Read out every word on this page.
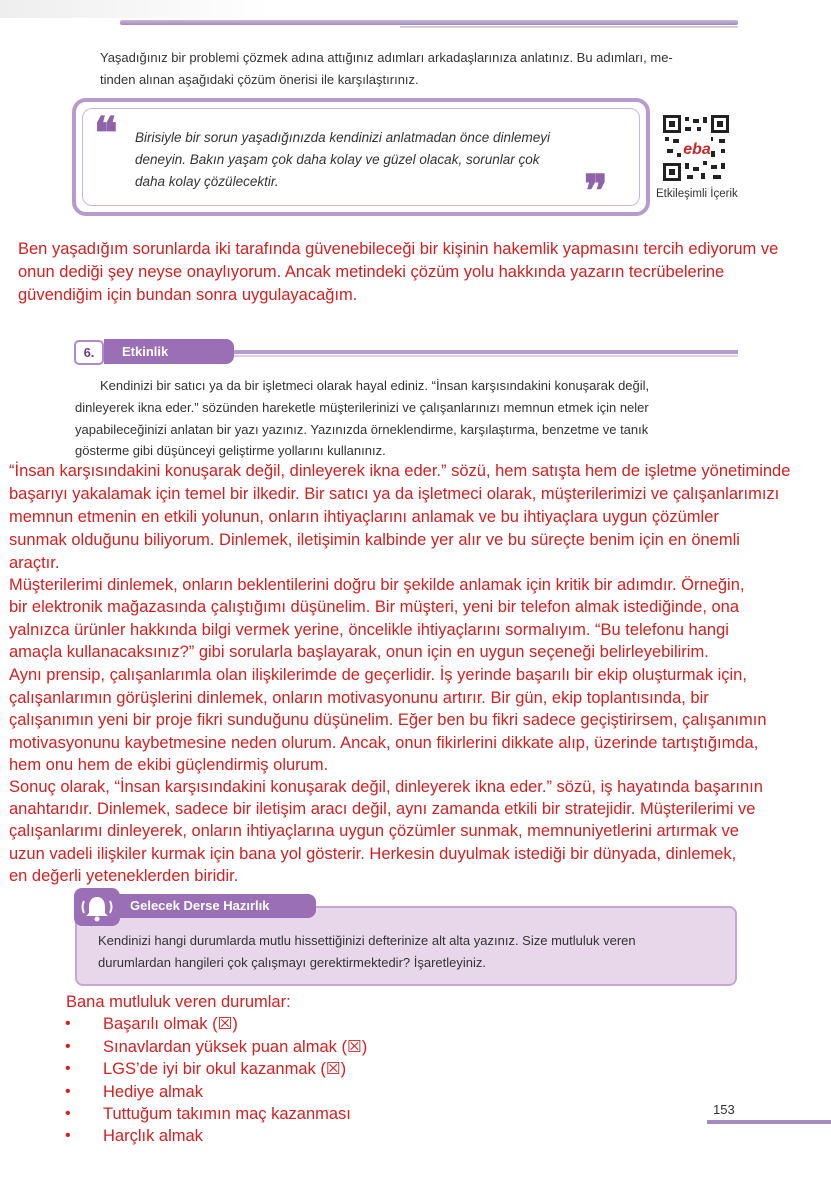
Yaşadığınız bir problemi çözmek adına attığınız adımları arkadaşlarınıza anlatınız. Bu adımları, me-
tinden alınan aşağıdaki çözüm önerisi ile karşılaştırınız.
❝
❞
Birisiyle bir sorun yaşadığınızda kendinizi anlatmadan önce dinlemeyi
deneyin. Bakın yaşam çok daha kolay ve güzel olacak, sorunlar çok
daha kolay çözülecektir.
eba
Etkileşimli İçerik
Ben yaşadığım sorunlarda iki tarafında güvenebileceği bir kişinin hakemlik yapmasını tercih ediyorum ve
onun dediği şey neyse onaylıyorum. Ancak metindeki çözüm yolu hakkında yazarın tecrübelerine
güvendiğim için bundan sonra uygulayacağım.
Etkinlik
6.
Kendinizi bir satıcı ya da bir işletmeci olarak hayal ediniz. “İnsan karşısındakini konuşarak değil,
dinleyerek ikna eder.” sözünden hareketle müşterilerinizi ve çalışanlarınızı memnun etmek için neler
yapabileceğinizi anlatan bir yazı yazınız. Yazınızda örneklendirme, karşılaştırma, benzetme ve tanık
gösterme gibi düşünceyi geliştirme yollarını kullanınız.
“İnsan karşısındakini konuşarak değil, dinleyerek ikna eder.” sözü, hem satışta hem de işletme yönetiminde
başarıyı yakalamak için temel bir ilkedir. Bir satıcı ya da işletmeci olarak, müşterilerimizi ve çalışanlarımızı
memnun etmenin en etkili yolunun, onların ihtiyaçlarını anlamak ve bu ihtiyaçlara uygun çözümler
sunmak olduğunu biliyorum. Dinlemek, iletişimin kalbinde yer alır ve bu süreçte benim için en önemli
araçtır.
Müşterilerimi dinlemek, onların beklentilerini doğru bir şekilde anlamak için kritik bir adımdır. Örneğin,
bir elektronik mağazasında çalıştığımı düşünelim. Bir müşteri, yeni bir telefon almak istediğinde, ona
yalnızca ürünler hakkında bilgi vermek yerine, öncelikle ihtiyaçlarını sormalıyım. “Bu telefonu hangi
amaçla kullanacaksınız?” gibi sorularla başlayarak, onun için en uygun seçeneği belirleyebilirim.
Aynı prensip, çalışanlarımla olan ilişkilerimde de geçerlidir. İş yerinde başarılı bir ekip oluşturmak için,
çalışanlarımın görüşlerini dinlemek, onların motivasyonunu artırır. Bir gün, ekip toplantısında, bir
çalışanımın yeni bir proje fikri sunduğunu düşünelim. Eğer ben bu fikri sadece geçiştirirsem, çalışanımın
motivasyonunu kaybetmesine neden olurum. Ancak, onun fikirlerini dikkate alıp, üzerinde tartıştığımda,
hem onu hem de ekibi güçlendirmiş olurum.
Sonuç olarak, “İnsan karşısındakini konuşarak değil, dinleyerek ikna eder.” sözü, iş hayatında başarının
anahtarıdır. Dinlemek, sadece bir iletişim aracı değil, aynı zamanda etkili bir stratejidir. Müşterilerimi ve
çalışanlarımı dinleyerek, onların ihtiyaçlarına uygun çözümler sunmak, memnuniyetlerini artırmak ve
uzun vadeli ilişkiler kurmak için bana yol gösterir. Herkesin duyulmak istediği bir dünyada, dinlemek,
en değerli yeteneklerden biridir.
Gelecek Derse Hazırlık
Kendinizi hangi durumlarda mutlu hissettiğinizi defterinize alt alta yazınız. Size mutluluk veren
durumlardan hangileri çok çalışmayı gerektirmektedir? İşaretleyiniz.
Bana mutluluk veren durumlar:
• Başarılı olmak (☒)
• Sınavlardan yüksek puan almak (☒)
• LGS’de iyi bir okul kazanmak (☒)
• Hediye almak
• Tuttuğum takımın maç kazanması
• Harçlık almak
153
